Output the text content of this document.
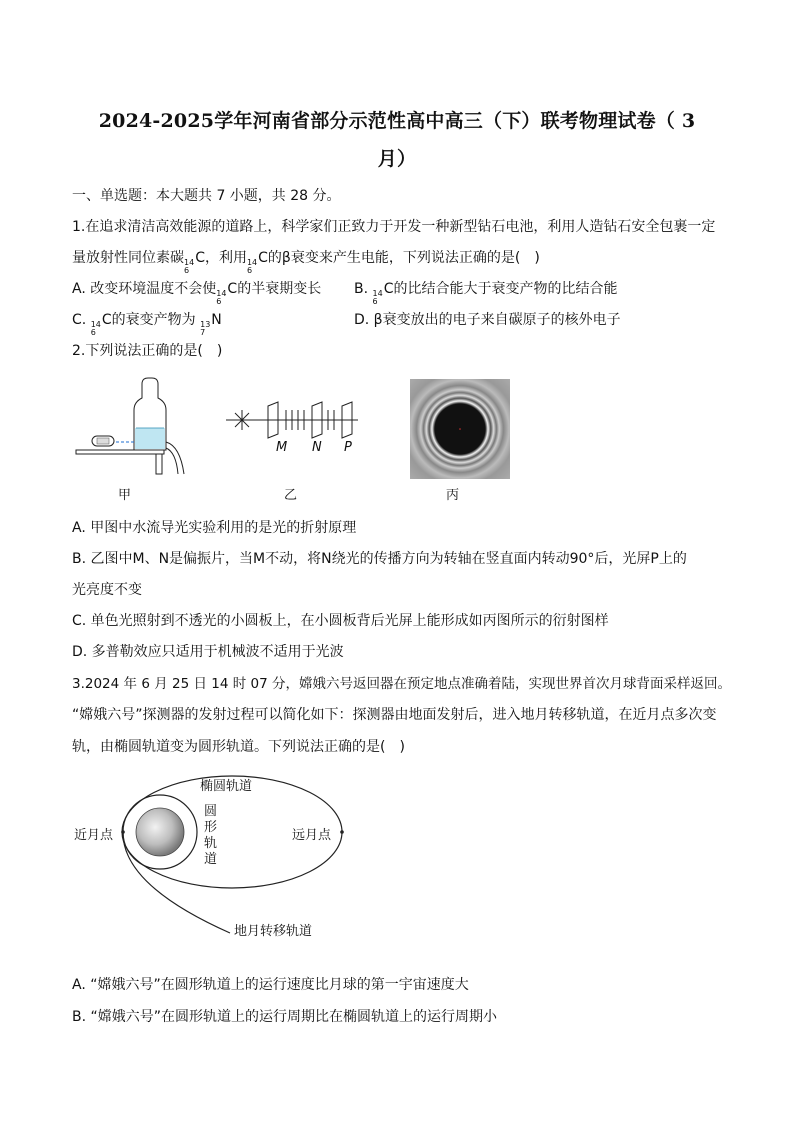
2024-2025学年河南省部分示范性高中高三（下）联考物理试卷（ 3
月）
一、单选题：本大题共 7 小题，共 28 分。
1.在追求清洁高效能源的道路上，科学家们正致力于开发一种新型钻石电池，利用人造钻石安全包裹一定
量放射性同位素碳 14
6
C，利用 14
6
C的β衰变来产生电能，下列说法正确的是(　)
A. 改变环境温度不会使 14
6
C的半衰期变长 B. 14
6
C的比结合能大于衰变产物的比结合能
C. 14
6
C的衰变产物为 13
7
N	D. β衰变放出的电子来自碳原子的核外电子
2.下列说法正确的是(　)
甲
M N P
乙	丙
A. 甲图中水流导光实验利用的是光的折射原理
B. 乙图中M、N是偏振片，当M不动，将N绕光的传播方向为转轴在竖直面内转动90°后，光屏P上的
光亮度不变
C. 单色光照射到不透光的小圆板上，在小圆板背后光屏上能形成如丙图所示的衍射图样
D. 多普勒效应只适用于机械波不适用于光波
3.2024 年 6 月 25 日 14 时 07 分，嫦娥六号返回器在预定地点准确着陆，实现世界首次月球背面采样返回。
“嫦娥六号”探测器的发射过程可以简化如下：探测器由地面发射后，进入地月转移轨道，在近月点多次变
轨，由椭圆轨道变为圆形轨道。下列说法正确的是(　)
椭圆轨道
圆
形
轨
道
近月点	远月点
地月转移轨道
A. “嫦娥六号”在圆形轨道上的运行速度比月球的第一宇宙速度大
B. “嫦娥六号”在圆形轨道上的运行周期比在椭圆轨道上的运行周期小
